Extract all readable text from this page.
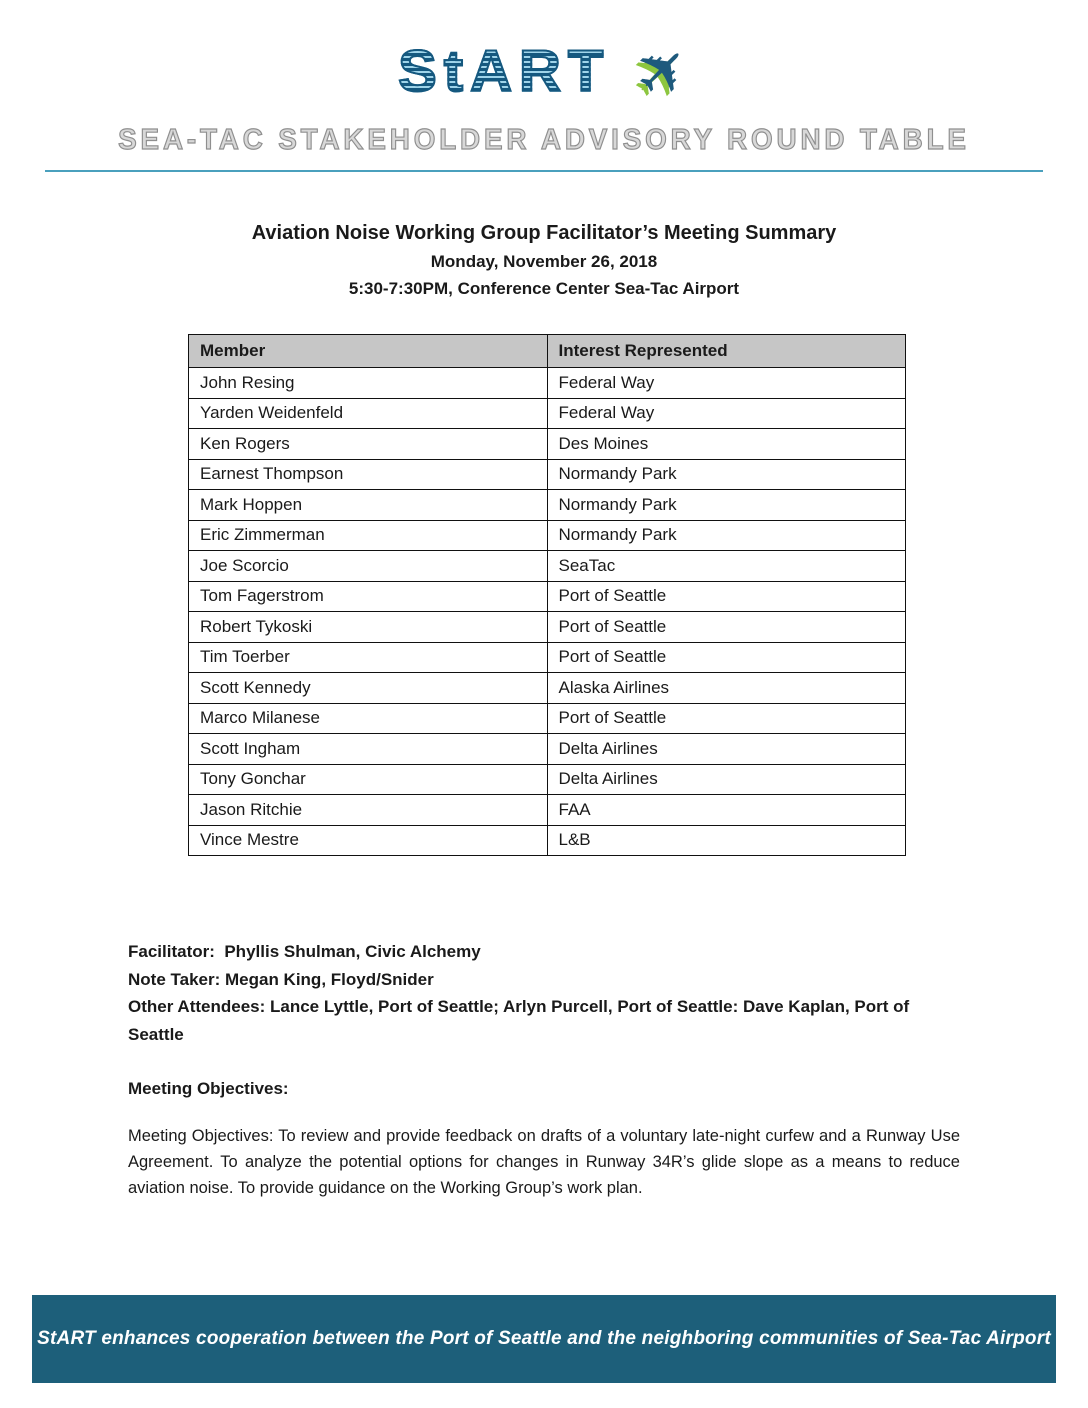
StART ✈
SEA-TAC STAKEHOLDER ADVISORY ROUND TABLE
Aviation Noise Working Group Facilitator’s Meeting Summary
Monday, November 26, 2018
5:30-7:30PM, Conference Center Sea-Tac Airport
Member	Interest Represented
John Resing	Federal Way
Yarden Weidenfeld	Federal Way
Ken Rogers	Des Moines
Earnest Thompson	Normandy Park
Mark Hoppen	Normandy Park
Eric Zimmerman	Normandy Park
Joe Scorcio	SeaTac
Tom Fagerstrom	Port of Seattle
Robert Tykoski	Port of Seattle
Tim Toerber	Port of Seattle
Scott Kennedy	Alaska Airlines
Marco Milanese	Port of Seattle
Scott Ingham	Delta Airlines
Tony Gonchar	Delta Airlines
Jason Ritchie	FAA
Vince Mestre	L&B
Facilitator:  Phyllis Shulman, Civic Alchemy
Note Taker: Megan King, Floyd/Snider
Other Attendees: Lance Lyttle, Port of Seattle; Arlyn Purcell, Port of Seattle: Dave Kaplan, Port of Seattle
Meeting Objectives:
Meeting Objectives: To review and provide feedback on drafts of a voluntary late-night curfew and a Runway Use Agreement. To analyze the potential options for changes in Runway 34R’s glide slope as a means to reduce aviation noise. To provide guidance on the Working Group’s work plan.
StART enhances cooperation between the Port of Seattle and the neighboring communities of Sea-Tac Airport
